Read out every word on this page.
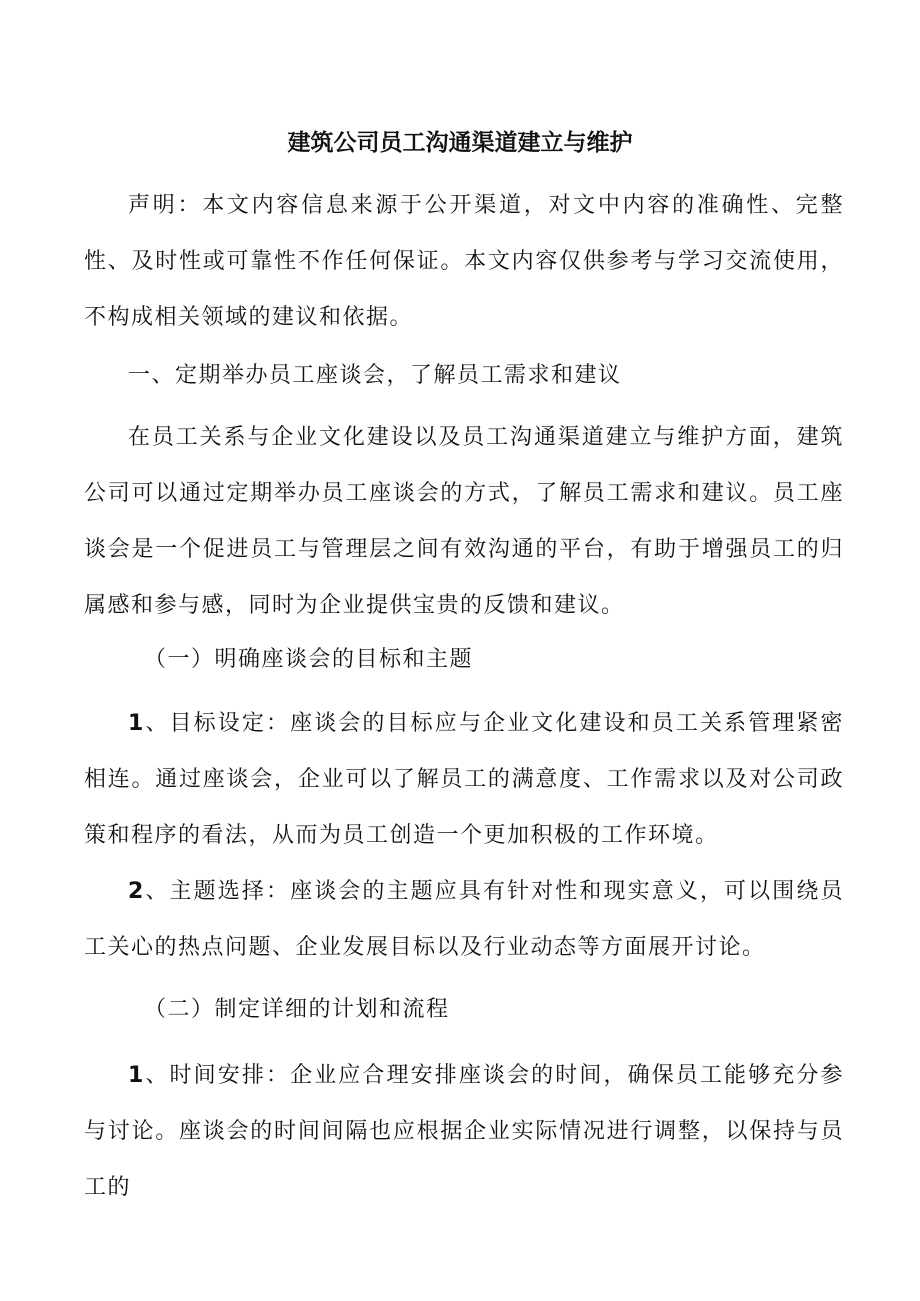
建筑公司员工沟通渠道建立与维护

声明：本文内容信息来源于公开渠道，对文中内容的准确性、完整性、及时性或可靠性不作任何保证。本文内容仅供参考与学习交流使用，不构成相关领域的建议和依据。

一、定期举办员工座谈会，了解员工需求和建议

在员工关系与企业文化建设以及员工沟通渠道建立与维护方面，建筑公司可以通过定期举办员工座谈会的方式，了解员工需求和建议。员工座谈会是一个促进员工与管理层之间有效沟通的平台，有助于增强员工的归属感和参与感，同时为企业提供宝贵的反馈和建议。

（一）明确座谈会的目标和主题

1、目标设定：座谈会的目标应与企业文化建设和员工关系管理紧密相连。通过座谈会，企业可以了解员工的满意度、工作需求以及对公司政策和程序的看法，从而为员工创造一个更加积极的工作环境。

2、主题选择：座谈会的主题应具有针对性和现实意义，可以围绕员工关心的热点问题、企业发展目标以及行业动态等方面展开讨论。

（二）制定详细的计划和流程

1、时间安排：企业应合理安排座谈会的时间，确保员工能够充分参与讨论。座谈会的时间间隔也应根据企业实际情况进行调整，以保持与员工的
